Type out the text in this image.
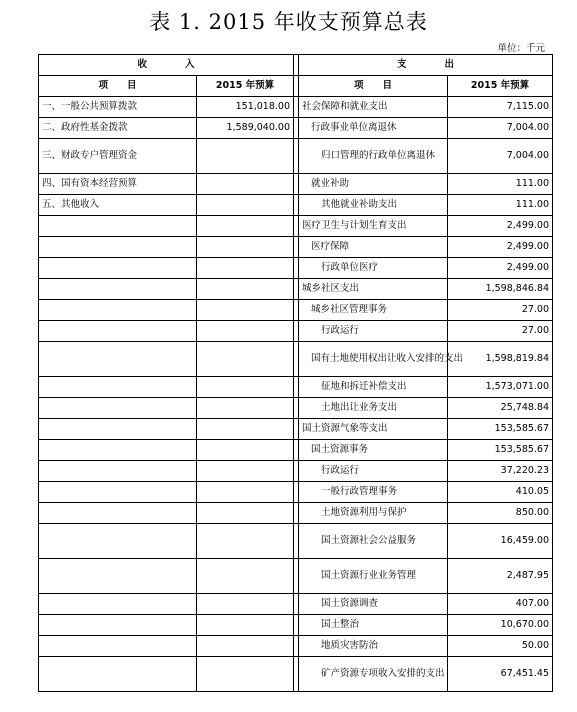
表 1. 2015 年收支预算总表
单位：千元
收　　　　入			支　　　　出	
项　　目	2015 年预算		项　　目	2015 年预算
一、一般公共预算拨款	151,018.00		社会保障和就业支出	7,115.00
二、政府性基金拨款	1,589,040.00		行政事业单位离退休	7,004.00
三、财政专户管理资金			归口管理的行政单位离退休	7,004.00
四、国有资本经营预算			就业补助	111.00
五、其他收入			其他就业补助支出	111.00
			医疗卫生与计划生育支出	2,499.00
			医疗保障	2,499.00
			行政单位医疗	2,499.00
			城乡社区支出	1,598,846.84
			城乡社区管理事务	27.00
			行政运行	27.00
			国有土地使用权出让收入安排的支出	1,598,819.84
			征地和拆迁补偿支出	1,573,071.00
			土地出让业务支出	25,748.84
			国土资源气象等支出	153,585.67
			国土资源事务	153,585.67
			行政运行	37,220.23
			一般行政管理事务	410.05
			土地资源利用与保护	850.00
			国土资源社会公益服务	16,459.00
			国土资源行业业务管理	2,487.95
			国土资源调查	407.00
			国土整治	10,670.00
			地质灾害防治	50.00
			矿产资源专项收入安排的支出	67,451.45
